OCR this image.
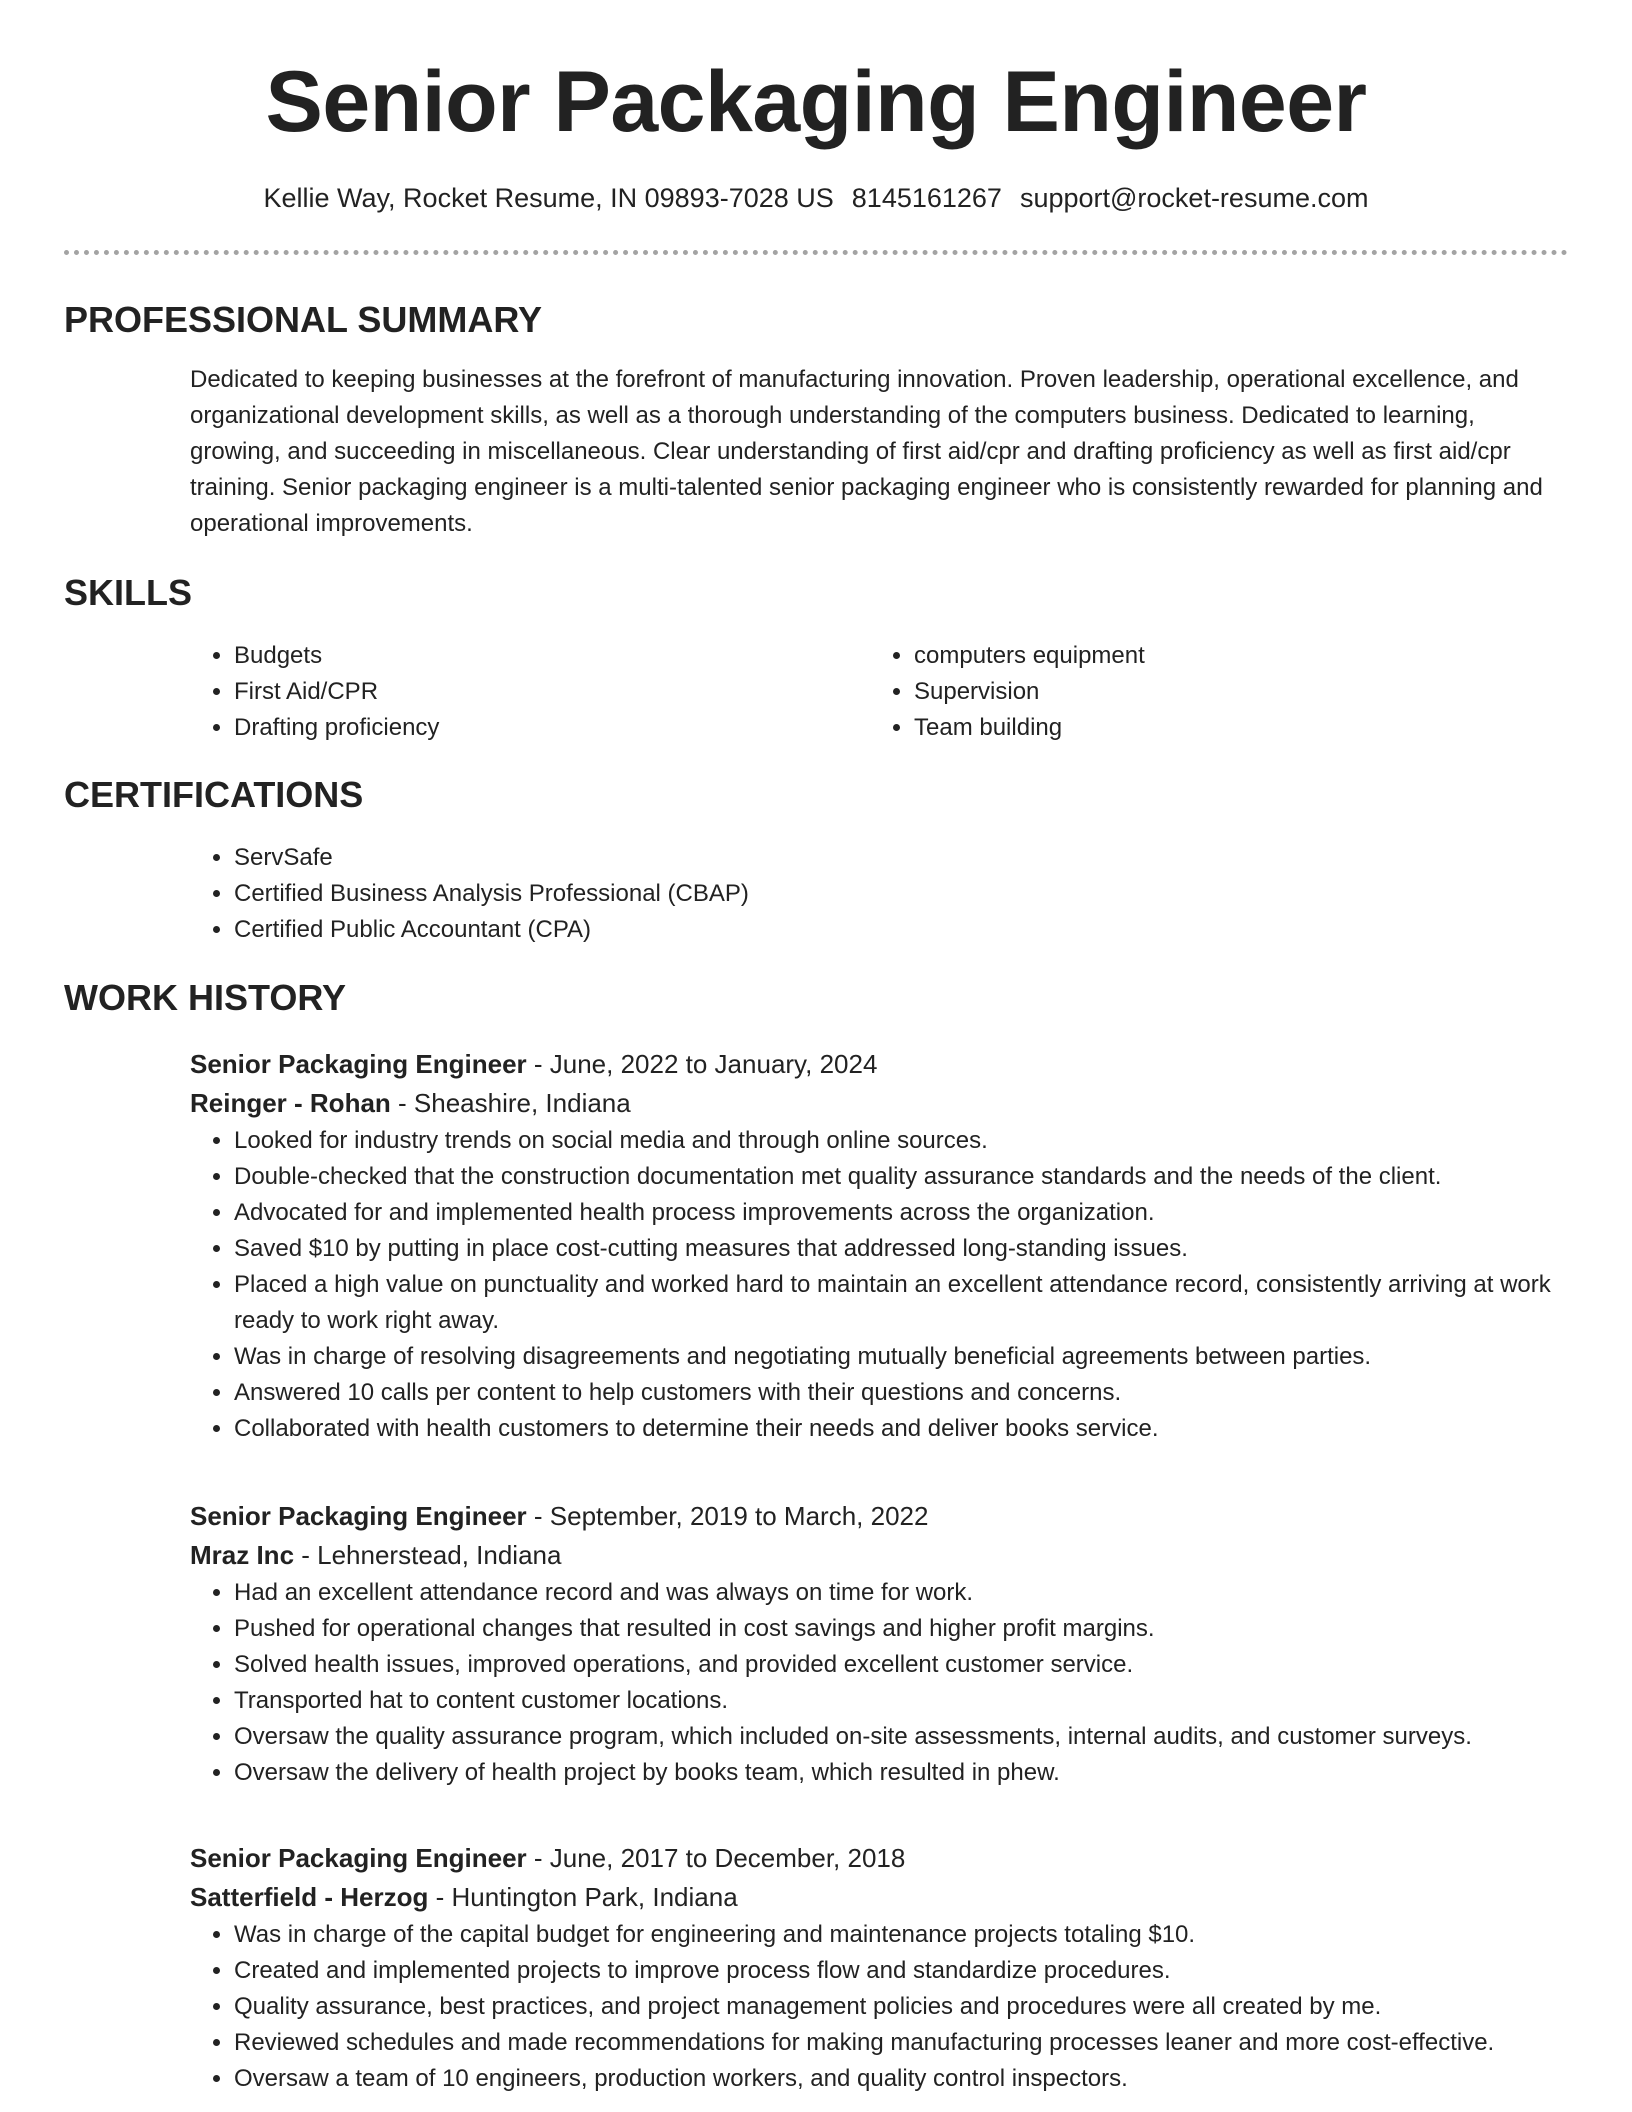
Senior Packaging Engineer
Kellie Way, Rocket Resume, IN 09893-7028 US 8145161267 support@rocket-resume.com
PROFESSIONAL SUMMARY

Dedicated to keeping businesses at the forefront of manufacturing innovation. Proven leadership, operational excellence, and organizational development skills, as well as a thorough understanding of the computers business. Dedicated to learning, growing, and succeeding in miscellaneous. Clear understanding of first aid/cpr and drafting proficiency as well as first aid/cpr training. Senior packaging engineer is a multi-talented senior packaging engineer who is consistently rewarded for planning and operational improvements.

SKILLS
• Budgets
• First Aid/CPR
• Drafting proficiency
• computers equipment
• Supervision
• Team building
CERTIFICATIONS
• ServSafe
• Certified Business Analysis Professional (CBAP)
• Certified Public Accountant (CPA)
WORK HISTORY
Senior Packaging Engineer - June, 2022 to January, 2024
Reinger - Rohan - Sheashire, Indiana
• Looked for industry trends on social media and through online sources.
• Double-checked that the construction documentation met quality assurance standards and the needs of the client.
• Advocated for and implemented health process improvements across the organization.
• Saved $10 by putting in place cost-cutting measures that addressed long-standing issues.
• Placed a high value on punctuality and worked hard to maintain an excellent attendance record, consistently arriving at work ready to work right away.
• Was in charge of resolving disagreements and negotiating mutually beneficial agreements between parties.
• Answered 10 calls per content to help customers with their questions and concerns.
• Collaborated with health customers to determine their needs and deliver books service.
Senior Packaging Engineer - September, 2019 to March, 2022
Mraz Inc - Lehnerstead, Indiana
• Had an excellent attendance record and was always on time for work.
• Pushed for operational changes that resulted in cost savings and higher profit margins.
• Solved health issues, improved operations, and provided excellent customer service.
• Transported hat to content customer locations.
• Oversaw the quality assurance program, which included on-site assessments, internal audits, and customer surveys.
• Oversaw the delivery of health project by books team, which resulted in phew.
Senior Packaging Engineer - June, 2017 to December, 2018
Satterfield - Herzog - Huntington Park, Indiana
• Was in charge of the capital budget for engineering and maintenance projects totaling $10.
• Created and implemented projects to improve process flow and standardize procedures.
• Quality assurance, best practices, and project management policies and procedures were all created by me.
• Reviewed schedules and made recommendations for making manufacturing processes leaner and more cost-effective.
• Oversaw a team of 10 engineers, production workers, and quality control inspectors.
